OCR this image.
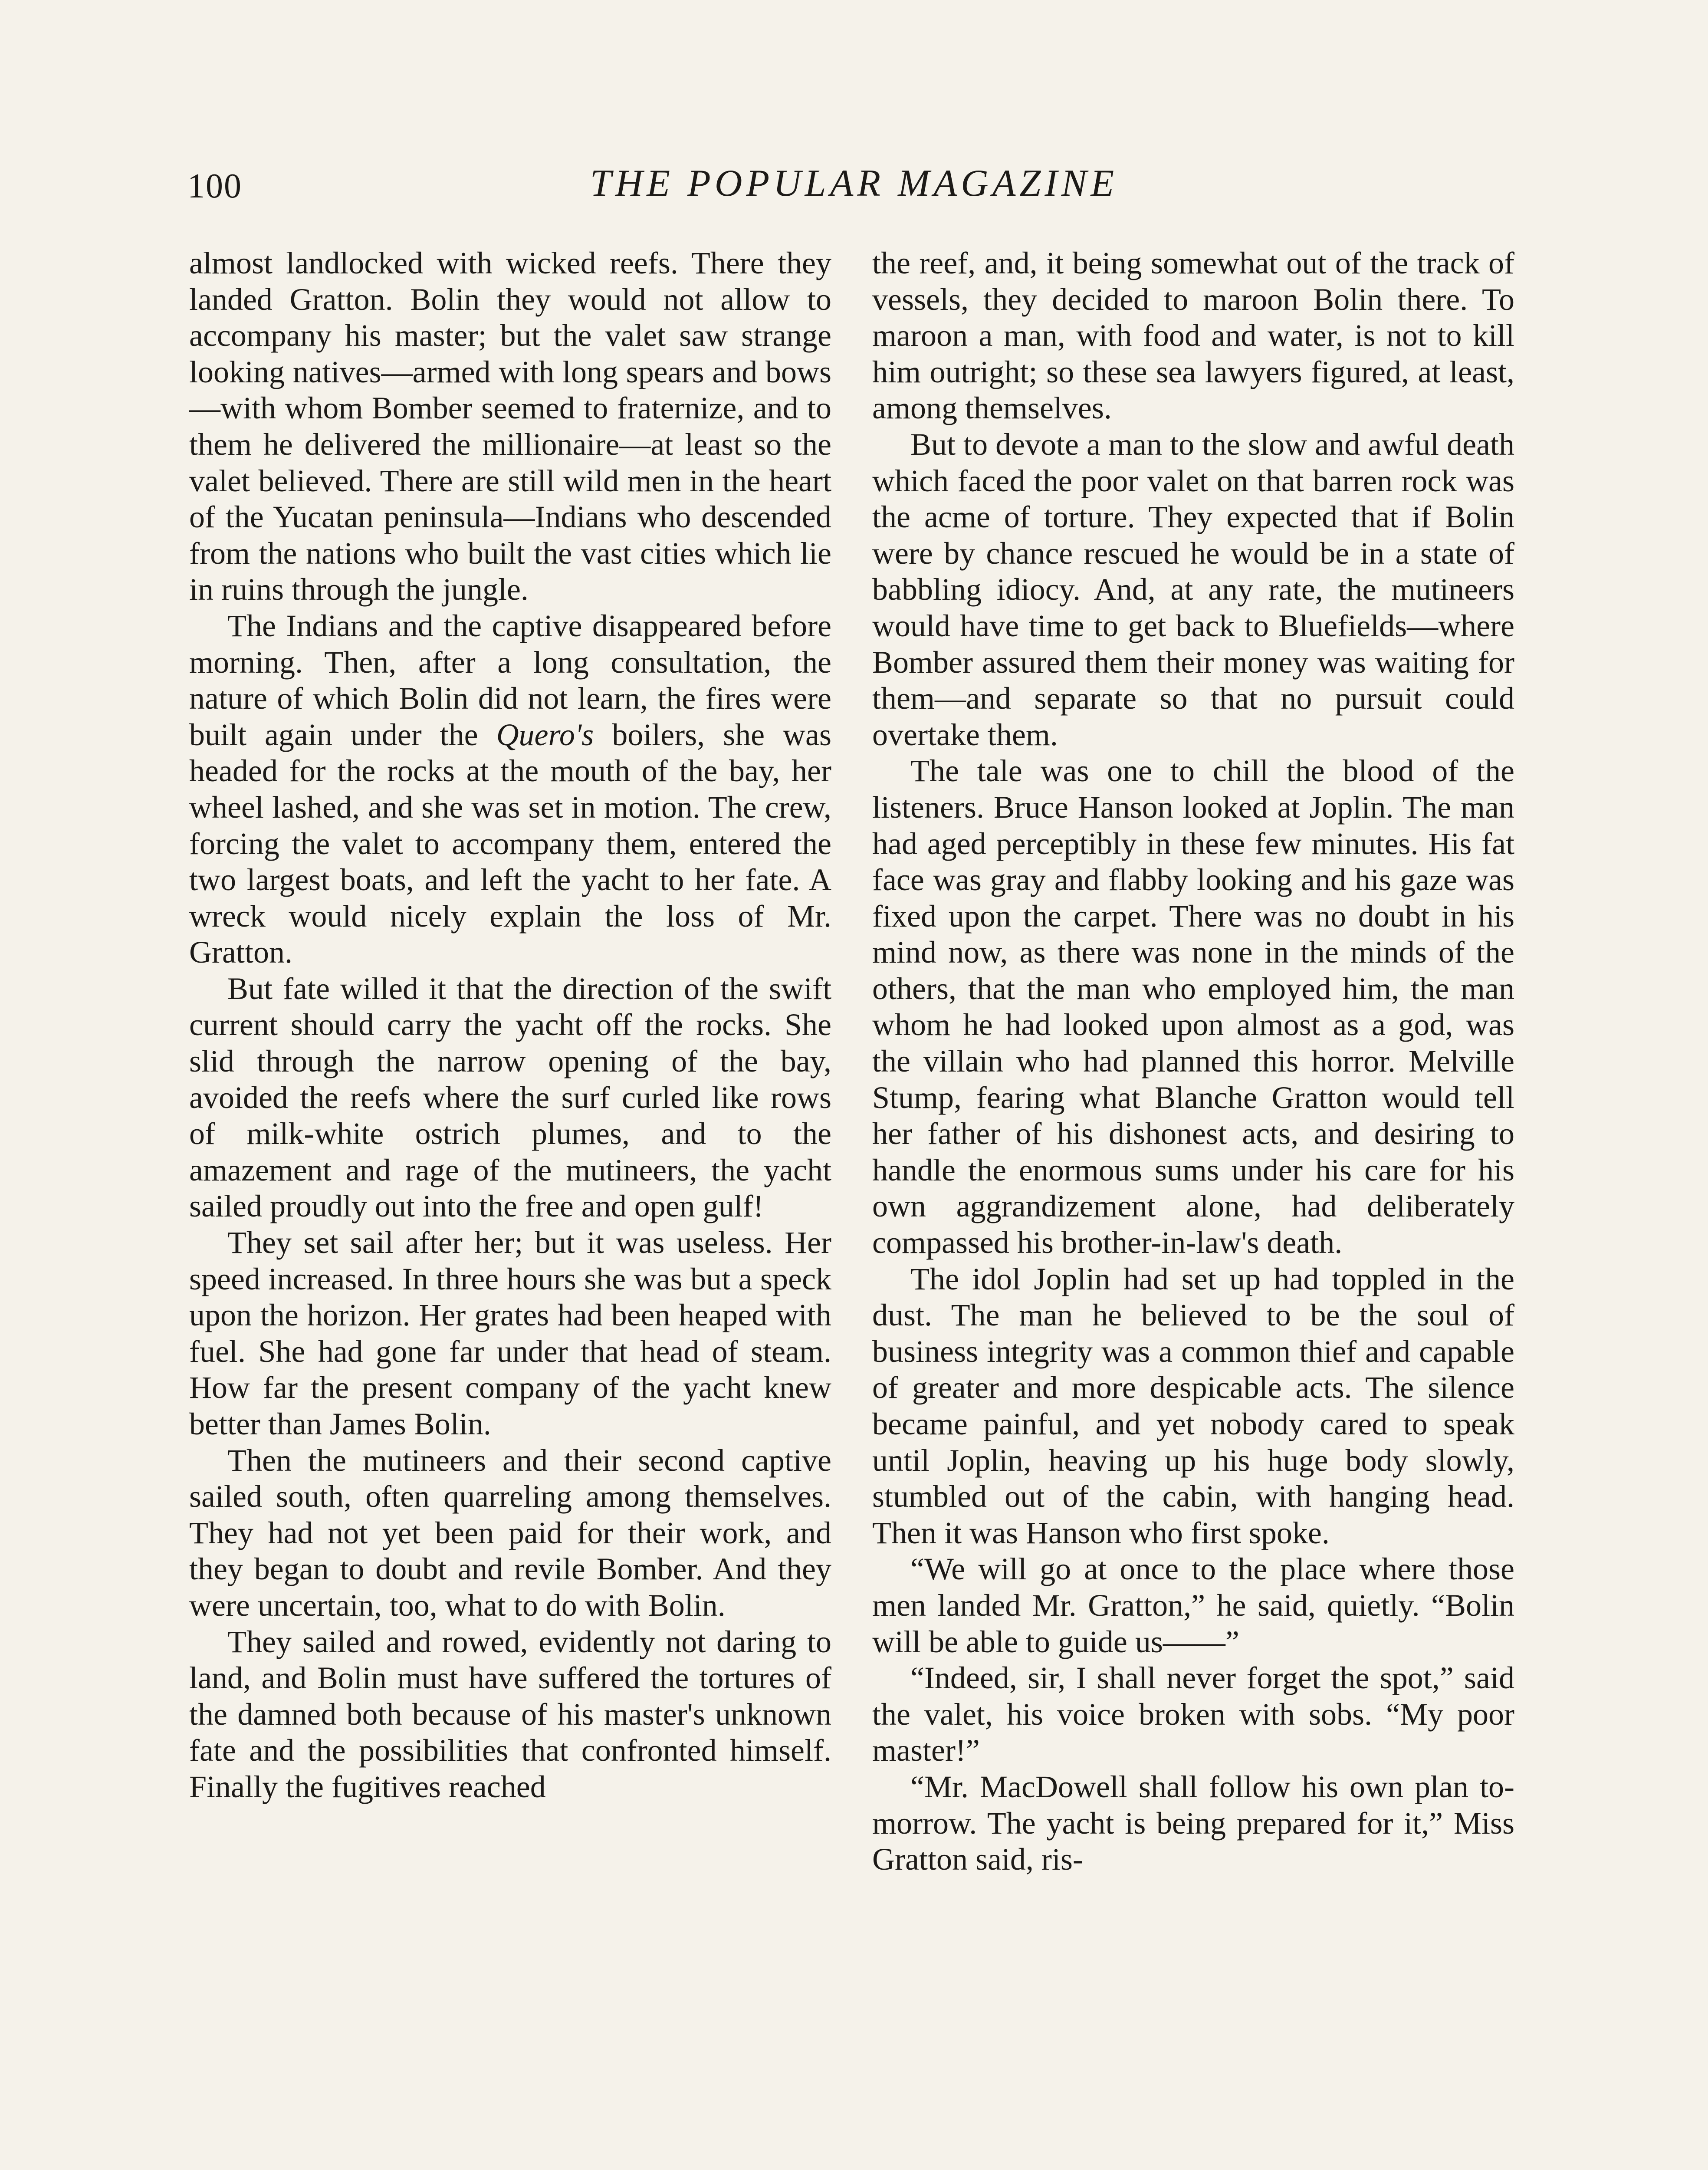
100	THE POPULAR MAGAZINE

almost landlocked with wicked reefs. There they landed Gratton. Bolin they would not allow to accompany his master; but the valet saw strange looking natives—armed with long spears and bows—with whom Bomber seemed to fraternize, and to them he delivered the millionaire—at least so the valet believed. There are still wild men in the heart of the Yucatan peninsula—Indians who descended from the nations who built the vast cities which lie in ruins through the jungle.

The Indians and the captive disappeared before morning. Then, after a long consultation, the nature of which Bolin did not learn, the fires were built again under the Quero's boilers, she was headed for the rocks at the mouth of the bay, her wheel lashed, and she was set in motion. The crew, forcing the valet to accompany them, entered the two largest boats, and left the yacht to her fate. A wreck would nicely explain the loss of Mr. Gratton.

But fate willed it that the direction of the swift current should carry the yacht off the rocks. She slid through the narrow opening of the bay, avoided the reefs where the surf curled like rows of milk-white ostrich plumes, and to the amazement and rage of the mutineers, the yacht sailed proudly out into the free and open gulf!

They set sail after her; but it was useless. Her speed increased. In three hours she was but a speck upon the horizon. Her grates had been heaped with fuel. She had gone far under that head of steam. How far the present company of the yacht knew better than James Bolin.

Then the mutineers and their second captive sailed south, often quarreling among themselves. They had not yet been paid for their work, and they began to doubt and revile Bomber. And they were uncertain, too, what to do with Bolin.

They sailed and rowed, evidently not daring to land, and Bolin must have suffered the tortures of the damned both because of his master's unknown fate and the possibilities that confronted himself. Finally the fugitives reached

the reef, and, it being somewhat out of the track of vessels, they decided to maroon Bolin there. To maroon a man, with food and water, is not to kill him outright; so these sea lawyers figured, at least, among themselves.

But to devote a man to the slow and awful death which faced the poor valet on that barren rock was the acme of torture. They expected that if Bolin were by chance rescued he would be in a state of babbling idiocy. And, at any rate, the mutineers would have time to get back to Bluefields—where Bomber assured them their money was waiting for them—and separate so that no pursuit could overtake them.

The tale was one to chill the blood of the listeners. Bruce Hanson looked at Joplin. The man had aged perceptibly in these few minutes. His fat face was gray and flabby looking and his gaze was fixed upon the carpet. There was no doubt in his mind now, as there was none in the minds of the others, that the man who employed him, the man whom he had looked upon almost as a god, was the villain who had planned this horror. Melville Stump, fearing what Blanche Gratton would tell her father of his dishonest acts, and desiring to handle the enormous sums under his care for his own aggrandizement alone, had deliberately compassed his brother-in-law's death.

The idol Joplin had set up had toppled in the dust. The man he believed to be the soul of business integrity was a common thief and capable of greater and more despicable acts. The silence became painful, and yet nobody cared to speak until Joplin, heaving up his huge body slowly, stumbled out of the cabin, with hanging head. Then it was Hanson who first spoke.

“We will go at once to the place where those men landed Mr. Gratton,” he said, quietly. “Bolin will be able to guide us——”

“Indeed, sir, I shall never forget the spot,” said the valet, his voice broken with sobs. “My poor master!”

“Mr. MacDowell shall follow his own plan to-morrow. The yacht is being prepared for it,” Miss Gratton said, ris-
